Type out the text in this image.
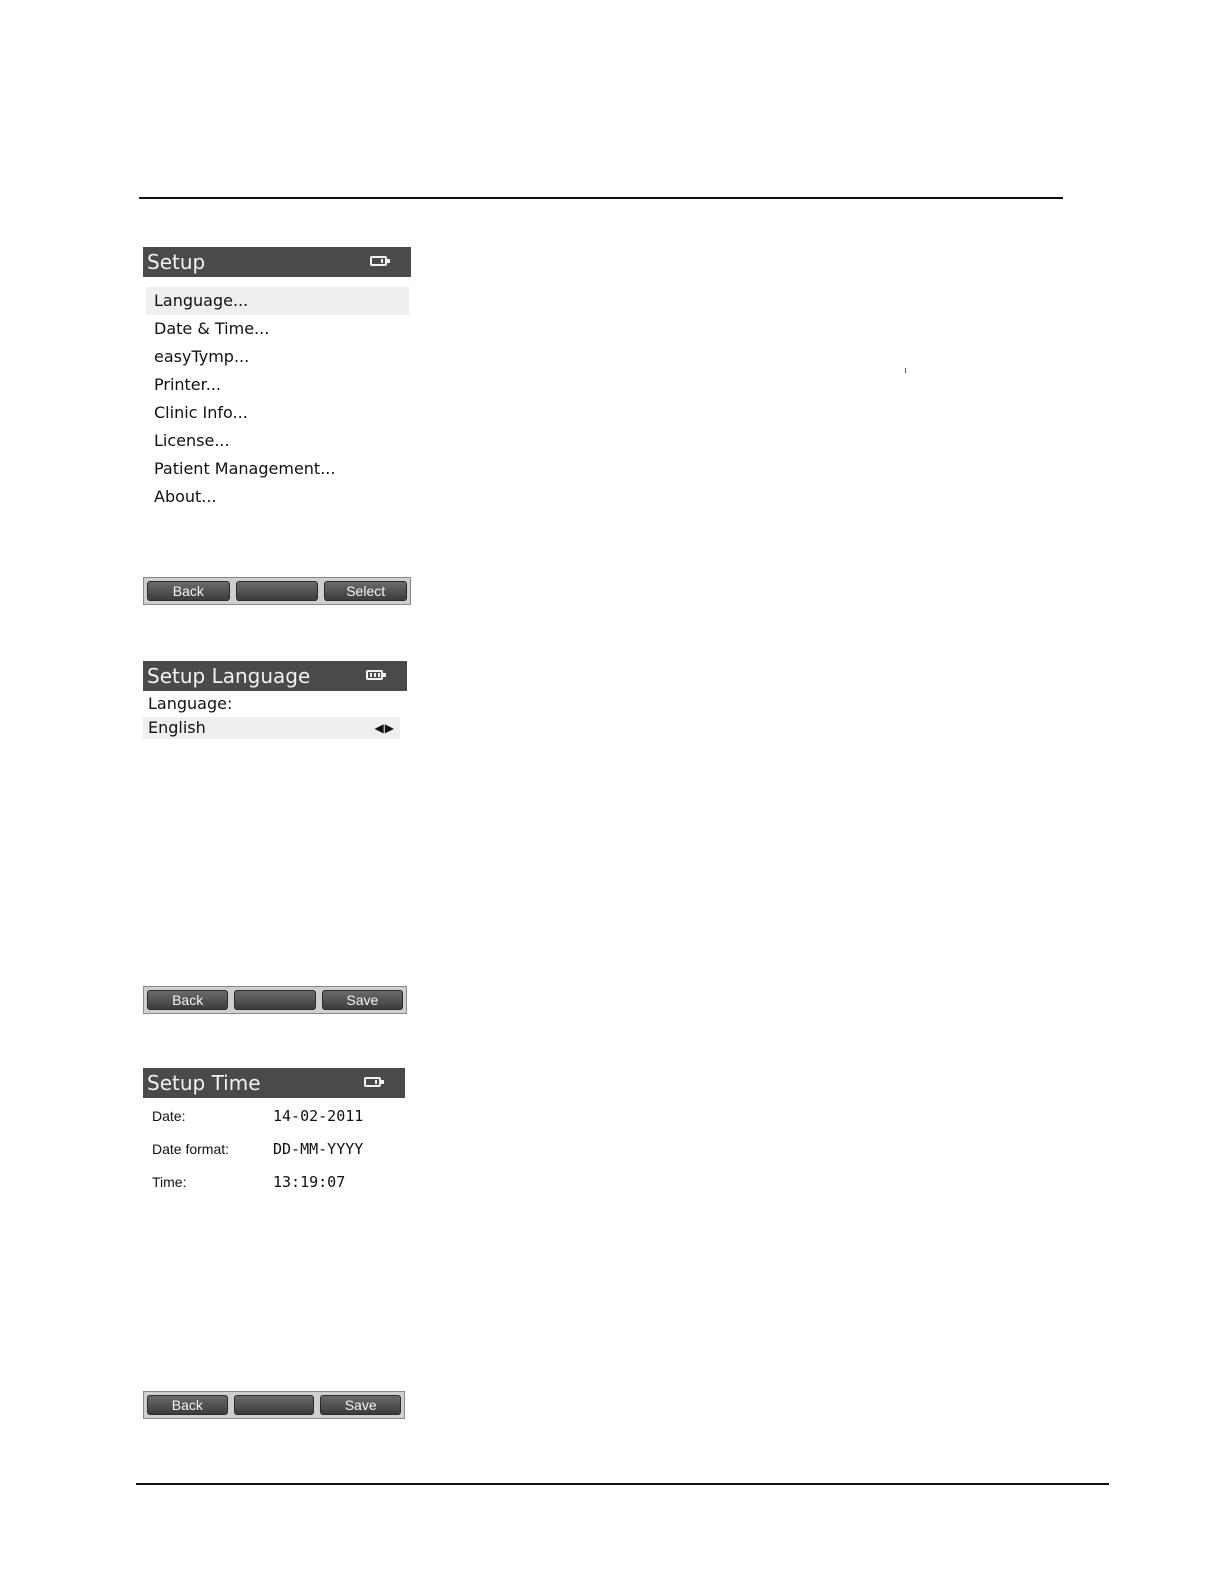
Setup
Language...
Date & Time...
easyTymp...
Printer...
Clinic Info...
License...
Patient Management...
About...
Back	Select
Setup Language
Language:
English	◀▶
Back	Save
Setup Time
Date:	14-02-2011
Date format:	DD-MM-YYYY
Time:	13:19:07
Back	Save
